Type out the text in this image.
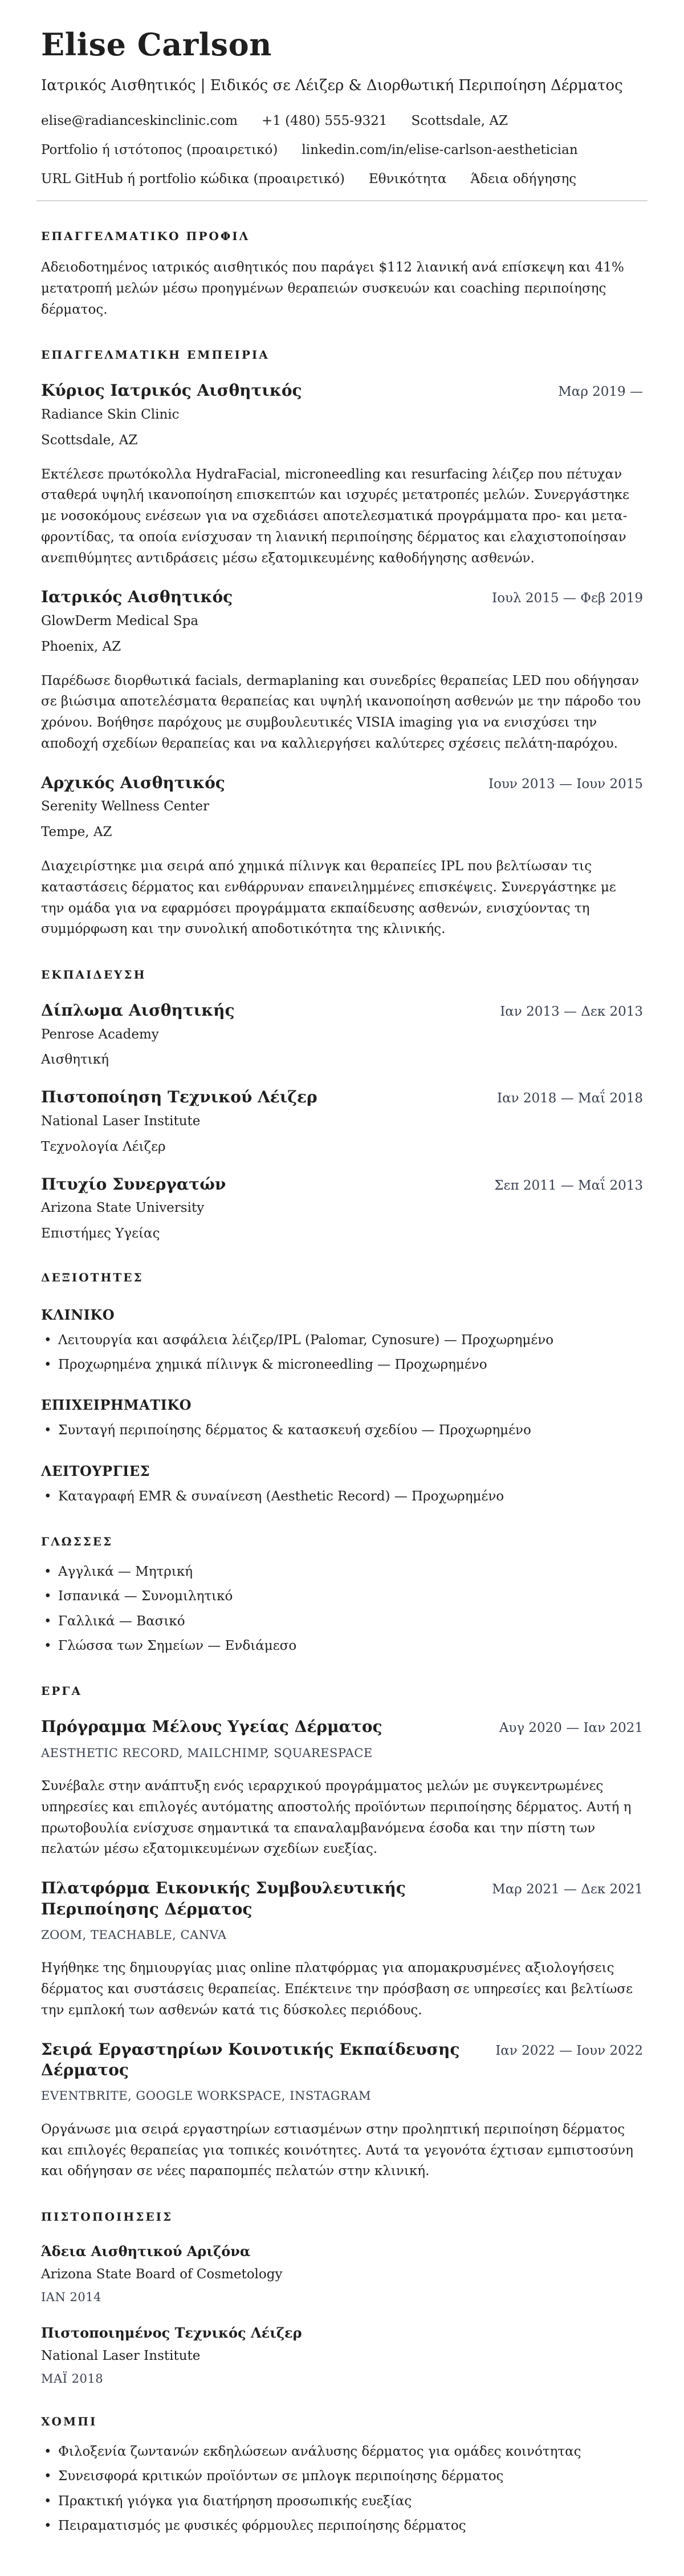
Elise Carlson
Ιατρικός Αισθητικός | Ειδικός σε Λέιζερ & Διορθωτική Περιποίηση Δέρματος
elise@radianceskinclinic.com +1 (480) 555-9321 Scottsdale, AZ
Portfolio ή ιστότοπος (προαιρετικό) linkedin.com/in/elise-carlson-aesthetician
URL GitHub ή portfolio κώδικα (προαιρετικό) Εθνικότητα Άδεια οδήγησης
ΕΠΑΓΓΕΛΜΑΤΙΚΟ ΠΡΟΦΙΛ

Αδειοδοτημένος ιατρικός αισθητικός που παράγει $112 λιανική ανά επίσκεψη και 41% μετατροπή μελών μέσω προηγμένων θεραπειών συσκευών και coaching περιποίησης δέρματος.

ΕΠΑΓΓΕΛΜΑΤΙΚΗ ΕΜΠΕΙΡΙΑ
Κύριος Ιατρικός Αισθητικός	Μαρ 2019 —
Radiance Skin Clinic
Scottsdale, AZ

Εκτέλεσε πρωτόκολλα HydraFacial, microneedling και resurfacing λέιζερ που πέτυχαν σταθερά υψηλή ικανοποίηση επισκεπτών και ισχυρές μετατροπές μελών. Συνεργάστηκε με νοσοκόμους ενέσεων για να σχεδιάσει αποτελεσματικά προγράμματα προ- και μετα-φροντίδας, τα οποία ενίσχυσαν τη λιανική περιποίησης δέρματος και ελαχιστοποίησαν ανεπιθύμητες αντιδράσεις μέσω εξατομικευμένης καθοδήγησης ασθενών.

Ιατρικός Αισθητικός	Ιουλ 2015 — Φεβ 2019
GlowDerm Medical Spa
Phoenix, AZ

Παρέδωσε διορθωτικά facials, dermaplaning και συνεδρίες θεραπείας LED που οδήγησαν σε βιώσιμα αποτελέσματα θεραπείας και υψηλή ικανοποίηση ασθενών με την πάροδο του χρόνου. Βοήθησε παρόχους με συμβουλευτικές VISIA imaging για να ενισχύσει την αποδοχή σχεδίων θεραπείας και να καλλιεργήσει καλύτερες σχέσεις πελάτη-παρόχου.

Αρχικός Αισθητικός	Ιουν 2013 — Ιουν 2015
Serenity Wellness Center
Tempe, AZ

Διαχειρίστηκε μια σειρά από χημικά πίλινγκ και θεραπείες IPL που βελτίωσαν τις καταστάσεις δέρματος και ενθάρρυναν επανειλημμένες επισκέψεις. Συνεργάστηκε με την ομάδα για να εφαρμόσει προγράμματα εκπαίδευσης ασθενών, ενισχύοντας τη συμμόρφωση και την συνολική αποδοτικότητα της κλινικής.

ΕΚΠΑΙΔΕΥΣΗ
Δίπλωμα Αισθητικής	Ιαν 2013 — Δεκ 2013
Penrose Academy
Αισθητική
Πιστοποίηση Τεχνικού Λέιζερ	Ιαν 2018 — Μαΐ 2018
National Laser Institute
Τεχνολογία Λέιζερ
Πτυχίο Συνεργατών	Σεπ 2011 — Μαΐ 2013
Arizona State University
Επιστήμες Υγείας
ΔΕΞΙΟΤΗΤΕΣ
ΚΛΙΝΙΚΟ
• Λειτουργία και ασφάλεια λέιζερ/IPL (Palomar, Cynosure) — Προχωρημένο
• Προχωρημένα χημικά πίλινγκ & microneedling — Προχωρημένο
ΕΠΙΧΕΙΡΗΜΑΤΙΚΟ
• Συνταγή περιποίησης δέρματος & κατασκευή σχεδίου — Προχωρημένο
ΛΕΙΤΟΥΡΓΙΕΣ
• Καταγραφή EMR & συναίνεση (Aesthetic Record) — Προχωρημένο
ΓΛΩΣΣΕΣ
• Αγγλικά — Μητρική
• Ισπανικά — Συνομιλητικό
• Γαλλικά — Βασικό
• Γλώσσα των Σημείων — Ενδιάμεσο
ΕΡΓΑ
Πρόγραμμα Μέλους Υγείας Δέρματος	Αυγ 2020 — Ιαν 2021
AESTHETIC RECORD, MAILCHIMP, SQUARESPACE

Συνέβαλε στην ανάπτυξη ενός ιεραρχικού προγράμματος μελών με συγκεντρωμένες υπηρεσίες και επιλογές αυτόματης αποστολής προϊόντων περιποίησης δέρματος. Αυτή η πρωτοβουλία ενίσχυσε σημαντικά τα επαναλαμβανόμενα έσοδα και την πίστη των πελατών μέσω εξατομικευμένων σχεδίων ευεξίας.

Πλατφόρμα Εικονικής Συμβουλευτικής Περιποίησης Δέρματος
Μαρ 2021 — Δεκ 2021
ZOOM, TEACHABLE, CANVA

Ηγήθηκε της δημιουργίας μιας online πλατφόρμας για απομακρυσμένες αξιολογήσεις δέρματος και συστάσεις θεραπείας. Επέκτεινε την πρόσβαση σε υπηρεσίες και βελτίωσε την εμπλοκή των ασθενών κατά τις δύσκολες περιόδους.

Σειρά Εργαστηρίων Κοινοτικής Εκπαίδευσης Δέρματος
Ιαν 2022 — Ιουν 2022
EVENTBRITE, GOOGLE WORKSPACE, INSTAGRAM

Οργάνωσε μια σειρά εργαστηρίων εστιασμένων στην προληπτική περιποίηση δέρματος και επιλογές θεραπείας για τοπικές κοινότητες. Αυτά τα γεγονότα έχτισαν εμπιστοσύνη και οδήγησαν σε νέες παραπομπές πελατών στην κλινική.

ΠΙΣΤΟΠΟΙΗΣΕΙΣ
Άδεια Αισθητικού Αριζόνα
Arizona State Board of Cosmetology
ΙΑΝ 2014
Πιστοποιημένος Τεχνικός Λέιζερ
National Laser Institute
ΜΑΪ 2018
ΧΟΜΠΙ
• Φιλοξενία ζωντανών εκδηλώσεων ανάλυσης δέρματος για ομάδες κοινότητας
• Συνεισφορά κριτικών προϊόντων σε μπλογκ περιποίησης δέρματος
• Πρακτική γιόγκα για διατήρηση προσωπικής ευεξίας
• Πειραματισμός με φυσικές φόρμουλες περιποίησης δέρματος
